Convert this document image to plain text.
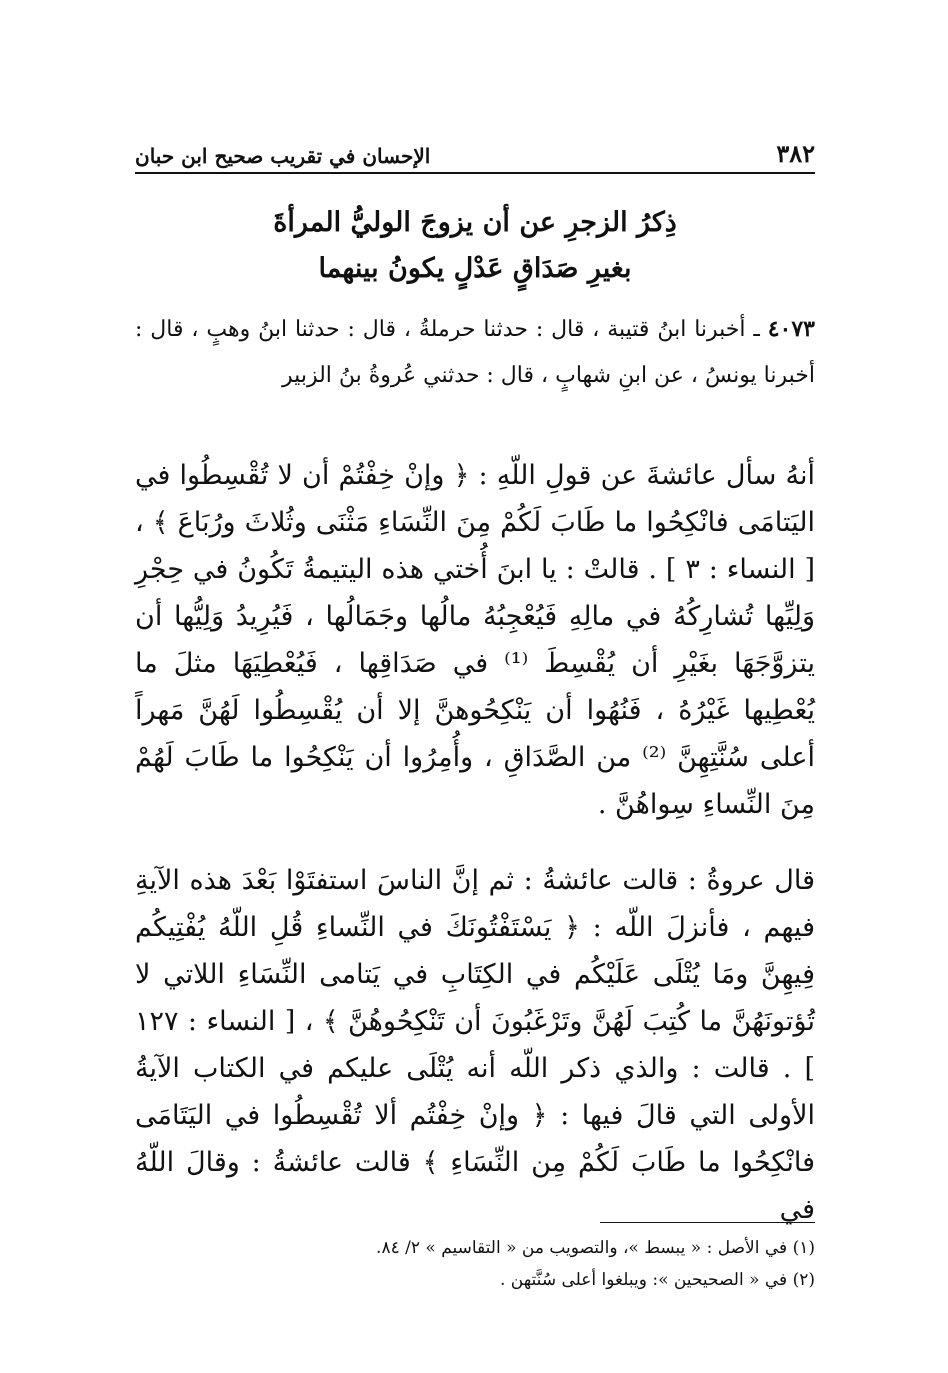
٣٨٢
الإحسان في تقريب صحيح ابن حبان
ذِكرُ الزجرِ عن أن يزوجَ الوليُّ المرأةَ
بغيرِ صَدَاقٍ عَدْلٍ يكونُ بينهما
٤٠٧٣ ـ أخبرنا ابنُ قتيبة ، قال : حدثنا حرملةُ ، قال : حدثنا ابنُ وهبٍ ، قال : أخبرنا يونسُ ، عن ابنِ شهابٍ ، قال : حدثني عُروةُ بنُ الزبير
أنهُ سأل عائشةَ عن قولِ اللّهِ : ﴿ وإنْ خِفْتُمْ أن لا تُقْسِطُوا في اليَتامَى فانْكِحُوا ما طَابَ لَكُمْ مِنَ النِّسَاءِ مَثْنَى وثُلاثَ ورُبَاعَ ﴾ ، [ النساء : ٣ ] . قالتْ : يا ابنَ أُختي هذه اليتيمةُ تَكُونُ في حِجْرِ وَلِيِّها تُشارِكُهُ في مالِهِ فَيُعْجِبُهُ مالُها وجَمَالُها ، فَيُرِيدُ وَلِيُّها أن يتزوَّجَهَا بغَيْرِ أن يُقْسِطَ ⁽¹⁾ في صَدَاقِها ، فَيُعْطِيَهَا مثلَ ما يُعْطِيها غَيْرُهُ ، فَنُهُوا أن يَنْكِحُوهنَّ إلا أن يُقْسِطُوا لَهُنَّ مَهراً أعلى سُنَّتِهِنَّ ⁽²⁾ من الصَّدَاقِ ، وأُمِرُوا أن يَنْكِحُوا ما طَابَ لَهُمْ مِنَ النِّساءِ سِواهُنَّ .
قال عروةُ : قالت عائشةُ : ثم إنَّ الناسَ استفتَوْا بَعْدَ هذه الآيةِ فيهم ، فأنزلَ اللّه : ﴿ يَسْتَفْتُونَكَ في النِّساءِ قُلِ اللّهُ يُفْتِيكُم فِيهِنَّ ومَا يُتْلَى عَلَيْكُم في الكِتَابِ في يَتامى النِّسَاءِ اللاتي لا تُؤتونَهُنَّ ما كُتِبَ لَهُنَّ وتَرْغَبُونَ أن تَنْكِحُوهُنَّ ﴾ ، [ النساء : ١٢٧ ] . قالت : والذي ذكر اللّه أنه يُتْلَى عليكم في الكتاب الآيةُ الأولى التي قالَ فيها : ﴿ وإنْ خِفْتُم ألا تُقْسِطُوا في اليَتَامَى فانْكِحُوا ما طَابَ لَكُمْ مِن النِّسَاءِ ﴾ قالت عائشةُ : وقالَ اللّهُ في
(١) في الأصل : « يبسط »، والتصويب من « التقاسيم » ٢/ ٨٤.
(٢) في « الصحيحين »: ويبلغوا أعلى سُنَّتهن .
